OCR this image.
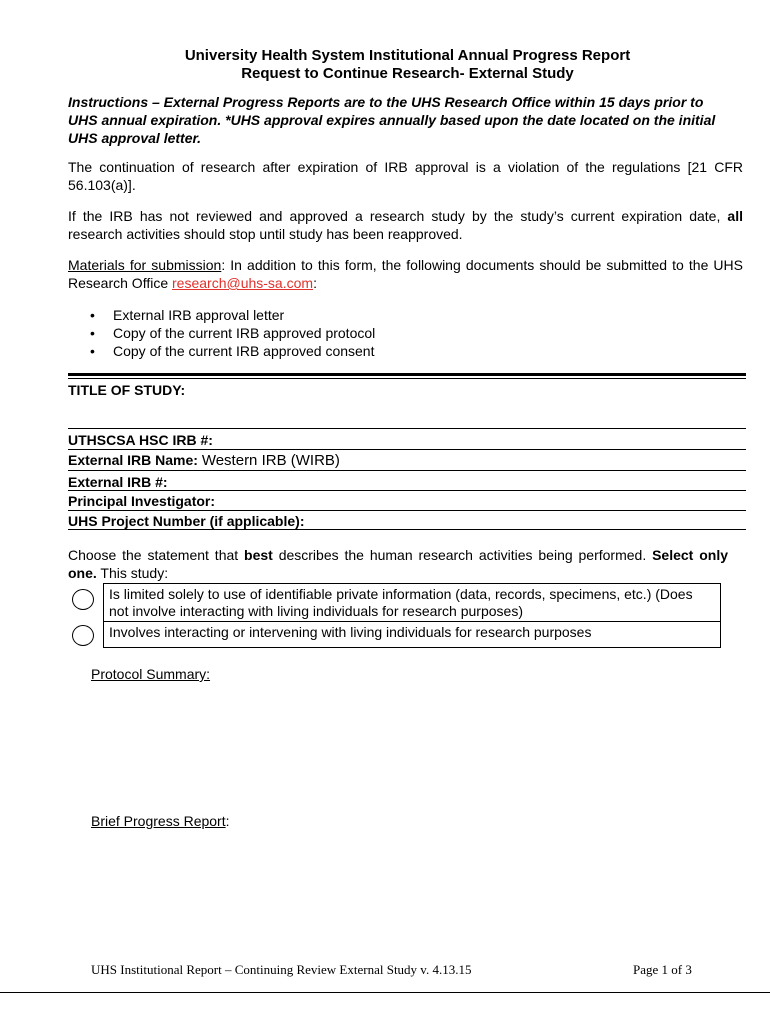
University Health System Institutional Annual Progress Report
Request to Continue Research- External Study
Instructions – External Progress Reports are to the UHS Research Office within 15 days prior to UHS annual expiration. *UHS approval expires annually based upon the date located on the initial UHS approval letter.
The continuation of research after expiration of IRB approval is a violation of the regulations [21 CFR 56.103(a)].
If the IRB has not reviewed and approved a research study by the study’s current expiration date, all research activities should stop until study has been reapproved.
Materials for submission: In addition to this form, the following documents should be submitted to the UHS Research Office research@uhs-sa.com:
• External IRB approval letter
• Copy of the current IRB approved protocol
• Copy of the current IRB approved consent
TITLE OF STUDY:
UTHSCSA HSC IRB #:
External IRB Name: Western IRB (WIRB)
External IRB #:
Principal Investigator:
UHS Project Number (if applicable):
Choose the statement that best describes the human research activities being performed. Select only one. This study:
Is limited solely to use of identifiable private information (data, records, specimens, etc.) (Does not involve interacting with living individuals for research purposes)
Involves interacting or intervening with living individuals for research purposes
Protocol Summary:
Brief Progress Report:
UHS Institutional Report – Continuing Review External Study v. 4.13.15	Page 1 of 3
